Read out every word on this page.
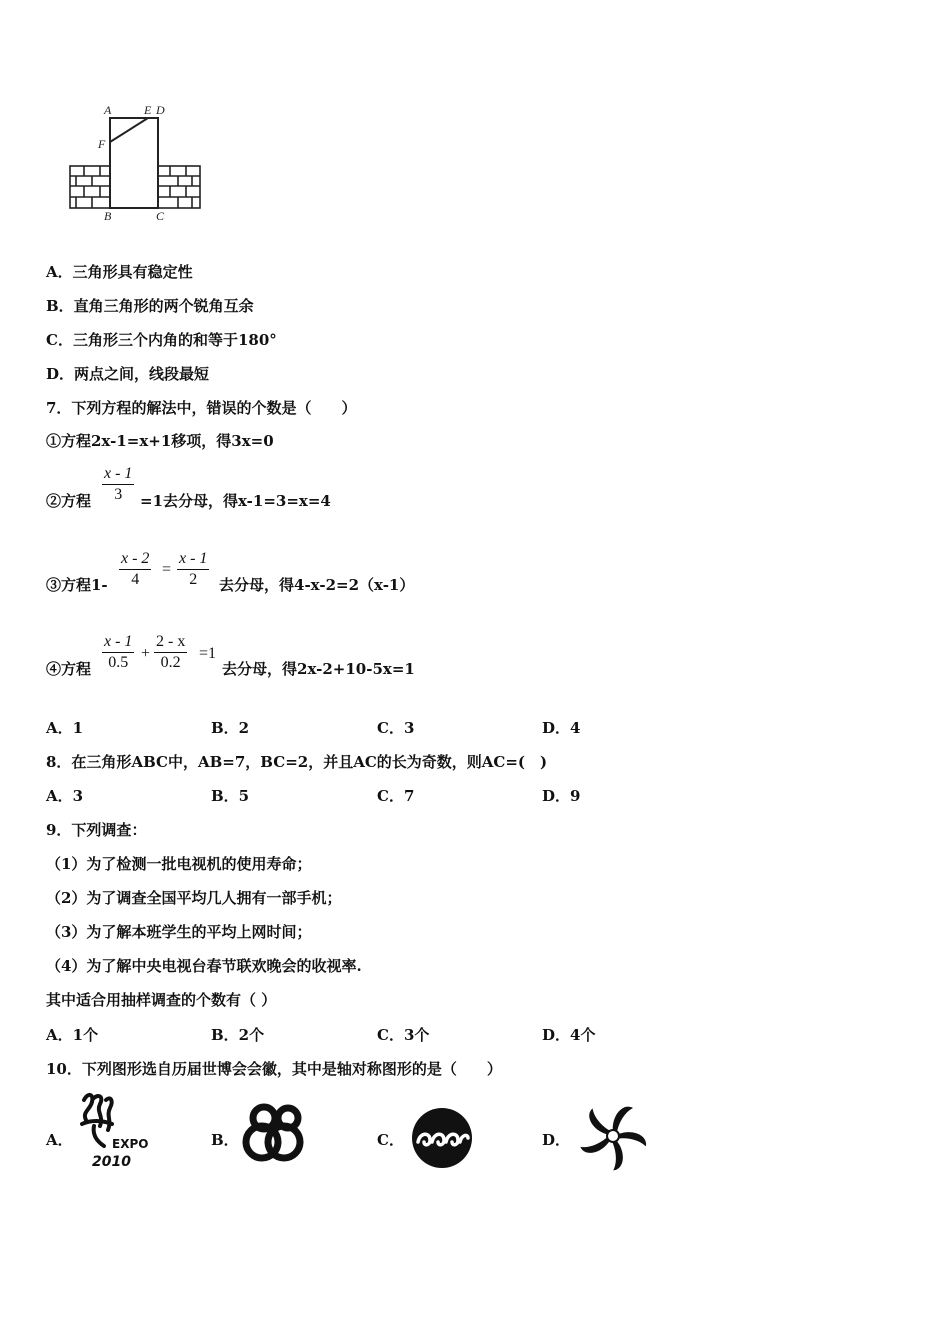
A	E D
F
B	C
A．三角形具有稳定性
B．直角三角形的两个锐角互余
C．三角形三个内角的和等于180°
D．两点之间，线段最短
7．下列方程的解法中，错误的个数是（　　）
①方程2x-1=x+1移项，得3x=0
②方程 $\frac{x - 1}{3} =1$去分母，得x-1=3=x=4
③方程$1- \frac{x - 2}{4} = \frac{x - 1}{2}$ 去分母，得4-x-2=2（x-1）
④方程 $\frac{x - 1}{0.5} + \frac{2 - x}{0.2} =1$
去分母，得2x-2+10-5x=1
A．1	B．2	C．3	D．4
8．在三角形ABC中，AB=7，BC=2，并且AC的长为奇数，则AC=(　)
A．3	B．5	C．7	D．9
9．下列调查：
（1）为了检测一批电视机的使用寿命；
（2）为了调查全国平均几人拥有一部手机；
（3）为了解本班学生的平均上网时间；
（4）为了解中央电视台春节联欢晚会的收视率.
其中适合用抽样调查的个数有（ ）
A．1个	B．2个	C．3个	D．4个
10．下列图形选自历届世博会会徽，其中是轴对称图形的是（　　）
A．	B．	C．	D．
EXPO
2010
